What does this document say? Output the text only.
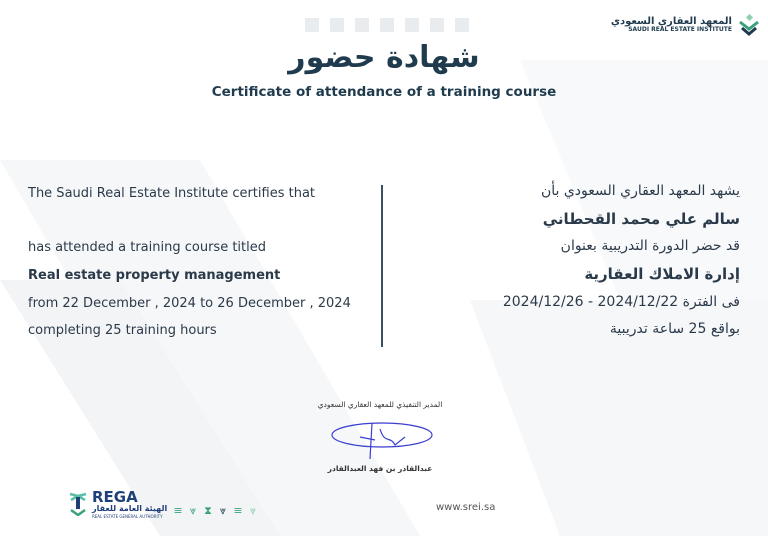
المعهد العقاري السعودي
SAUDI REAL ESTATE INSTITUTE
شهادة حضور
Certificate of attendance of a training course
The Saudi Real Estate Institute certifies that
has attended a training course titled
Real estate property management
from 22 December , 2024 to 26 December , 2024
completing 25 training hours
يشهد المعهد العقاري السعودي بأن
سالم علي محمد القحطاني
قد حضر الدورة التدريبية بعنوان
إدارة الاملاك العقارية
فى الفترة 2024/12/22 - 2024/12/26
بواقع 25 ساعة تدريبية
المدير التنفيذي للمعهد العقاري السعودي
عبدالقادر بن فهد العبدالقادر
REGA
الهيئة العامة للعقار
REAL ESTATE GENERAL AUTHORITY ≡ ⩔ ⧗ ⩔ ≡ ⩔	www.srei.sa
